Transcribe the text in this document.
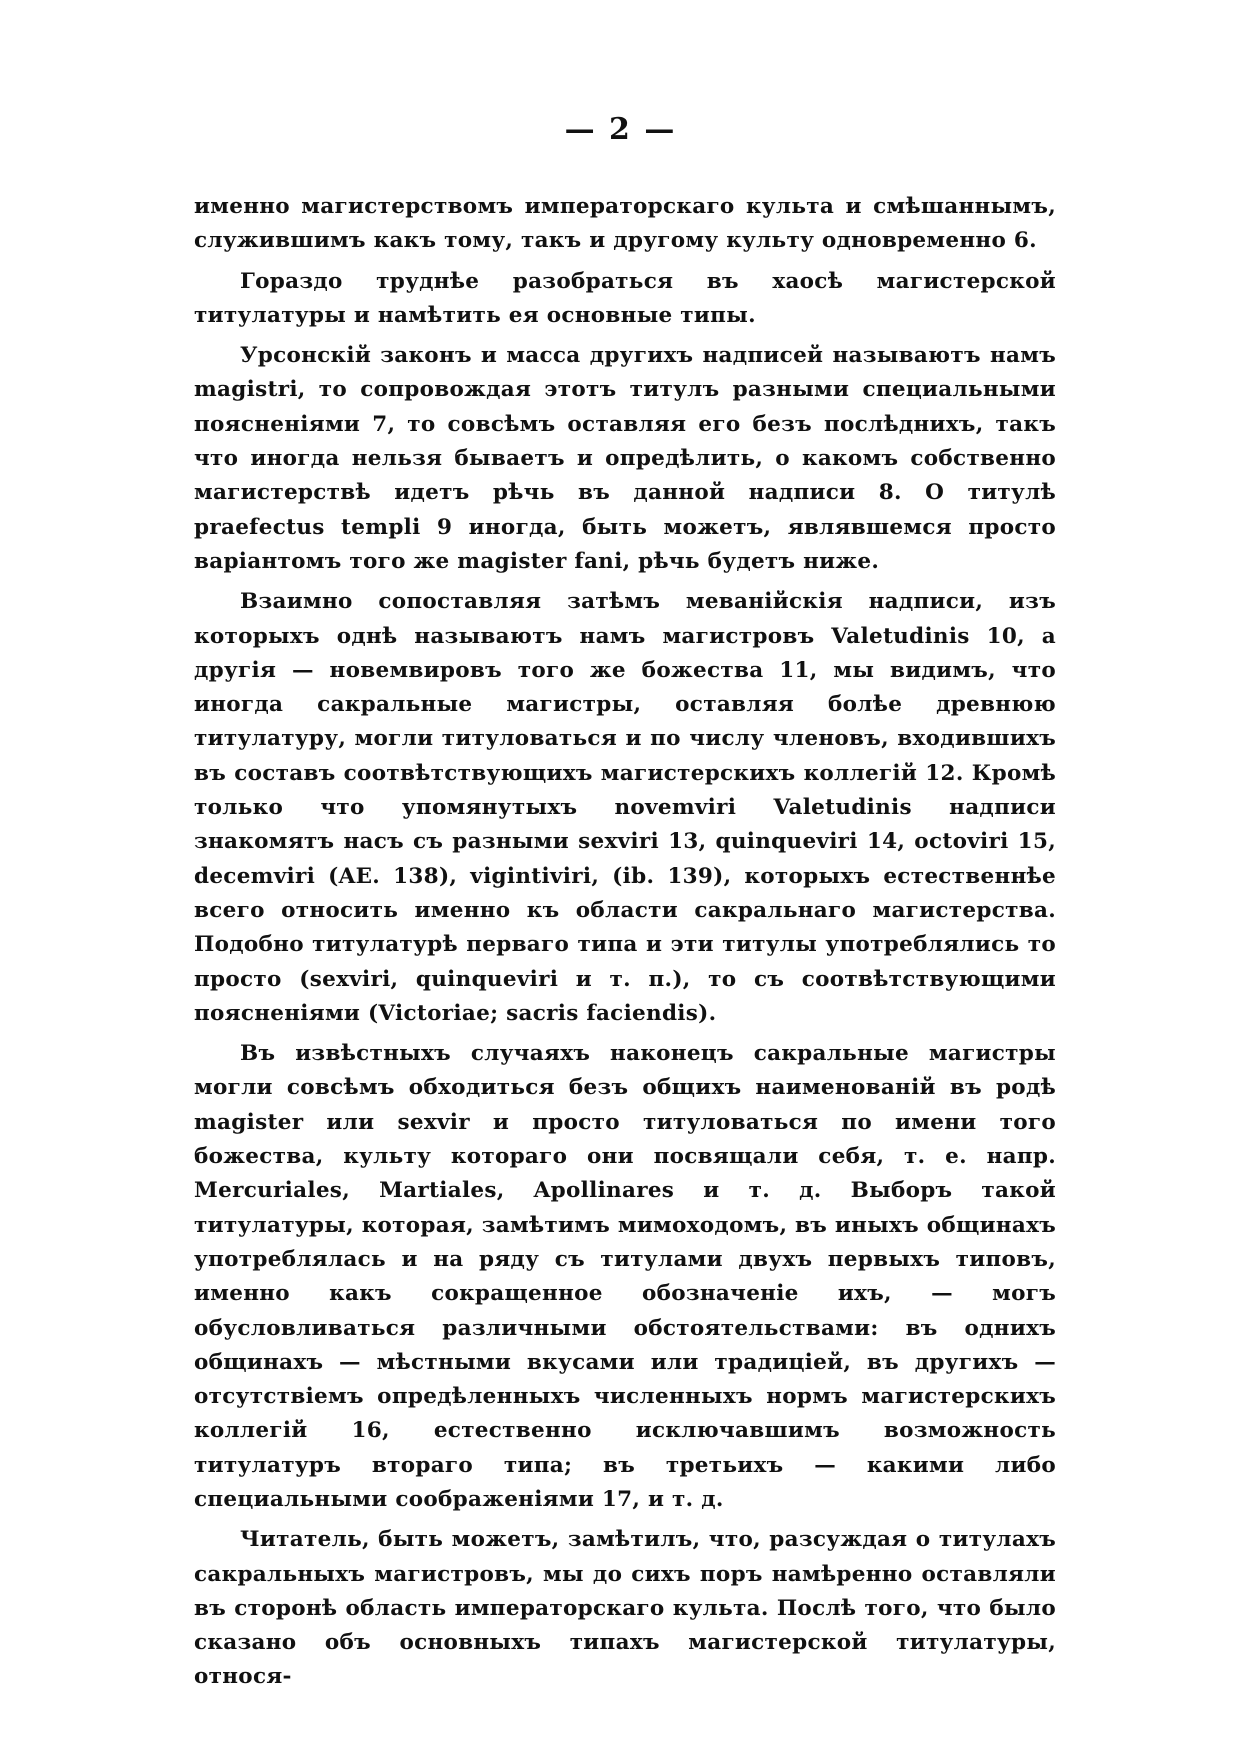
— 2 —

именно магистерствомъ императорскаго культа и смѣшаннымъ, служившимъ какъ тому, такъ и другому культу одновременно 6.

Гораздо труднѣе разобраться въ хаосѣ магистерской титулатуры и намѣтить ея основные типы.

Урсонскій законъ и масса другихъ надписей называютъ намъ magistri, то сопровождая этотъ титулъ разными специальными поясненіями 7, то совсѣмъ оставляя его безъ послѣднихъ, такъ что иногда нельзя бываетъ и опредѣлить, о какомъ собственно магистерствѣ идетъ рѣчь въ данной надписи 8. О титулѣ praefectus templi 9 иногда, быть можетъ, являвшемся просто варіантомъ того же magister fani, рѣчь будетъ ниже.

Взаимно сопоставляя затѣмъ меванійскія надписи, изъ которыхъ однѣ называютъ намъ магистровъ Valetudinis 10, а другія — новемвировъ того же божества 11, мы видимъ, что иногда сакральные магистры, оставляя болѣе древнюю титулатуру, могли титуловаться и по числу членовъ, входившихъ въ составъ соотвѣтствующихъ магистерскихъ коллегій 12. Кромѣ только что упомянутыхъ novemviri Valetudinis надписи знакомятъ насъ съ разными sexviri 13, quinqueviri 14, octoviri 15, decemviri (AE. 138), vigintiviri, (ib. 139), которыхъ естественнѣе всего относить именно къ области сакральнаго магистерства. Подобно титулатурѣ перваго типа и эти титулы употреблялись то просто (sexviri, quinqueviri и т. п.), то съ соотвѣтствующими поясненіями (Victoriae; sacris faciendis).

Въ извѣстныхъ случаяхъ наконецъ сакральные магистры могли совсѣмъ обходиться безъ общихъ наименованій въ родѣ magister или sexvir и просто титуловаться по имени того божества, культу котораго они посвящали себя, т. е. напр. Mercuriales, Martiales, Apollinares и т. д. Выборъ такой титулатуры, которая, замѣтимъ мимоходомъ, въ иныхъ общинахъ употреблялась и на ряду съ титулами двухъ первыхъ типовъ, именно какъ сокращенное обозначеніе ихъ, — могъ обусловливаться различными обстоятельствами: въ однихъ общинахъ — мѣстными вкусами или традиціей, въ другихъ — отсутствіемъ опредѣленныхъ численныхъ нормъ магистерскихъ коллегій 16, естественно исключавшимъ возможность титулатуръ втораго типа; въ третьихъ — какими либо специальными соображеніями 17, и т. д.

Читатель, быть можетъ, замѣтилъ, что, разсуждая о титулахъ сакральныхъ магистровъ, мы до сихъ поръ намѣренно оставляли въ сторонѣ область императорскаго культа. Послѣ того, что было сказано объ основныхъ типахъ магистерской титулатуры, относя-
